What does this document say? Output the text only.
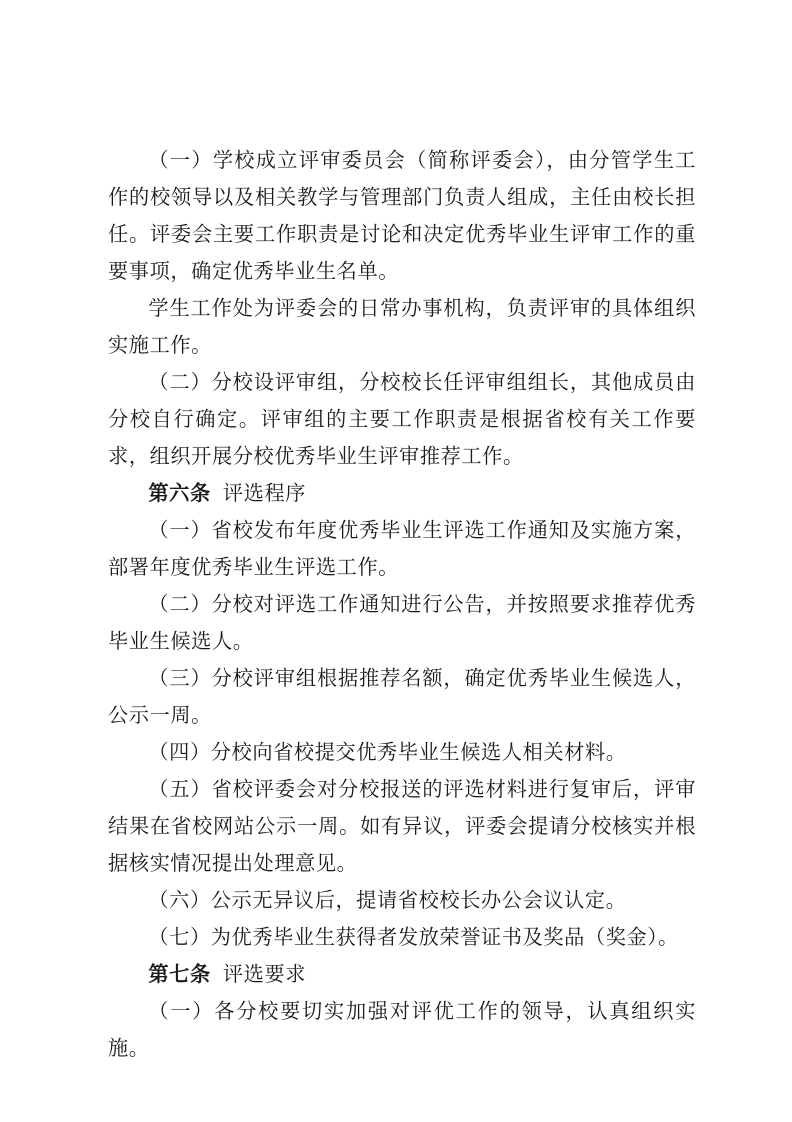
（一）学校成立评审委员会（简称评委会），由分管学生工作的校领导以及相关教学与管理部门负责人组成，主任由校长担任。评委会主要工作职责是讨论和决定优秀毕业生评审工作的重要事项，确定优秀毕业生名单。

学生工作处为评委会的日常办事机构，负责评审的具体组织实施工作。

（二）分校设评审组，分校校长任评审组组长，其他成员由分校自行确定。评审组的主要工作职责是根据省校有关工作要求，组织开展分校优秀毕业生评审推荐工作。

第六条 评选程序

（一）省校发布年度优秀毕业生评选工作通知及实施方案，部署年度优秀毕业生评选工作。

（二）分校对评选工作通知进行公告，并按照要求推荐优秀毕业生候选人。

（三）分校评审组根据推荐名额，确定优秀毕业生候选人，公示一周。

（四）分校向省校提交优秀毕业生候选人相关材料。

（五）省校评委会对分校报送的评选材料进行复审后，评审结果在省校网站公示一周。如有异议，评委会提请分校核实并根据核实情况提出处理意见。

（六）公示无异议后，提请省校校长办公会议认定。

（七）为优秀毕业生获得者发放荣誉证书及奖品（奖金）。

第七条 评选要求

（一）各分校要切实加强对评优工作的领导，认真组织实施。
